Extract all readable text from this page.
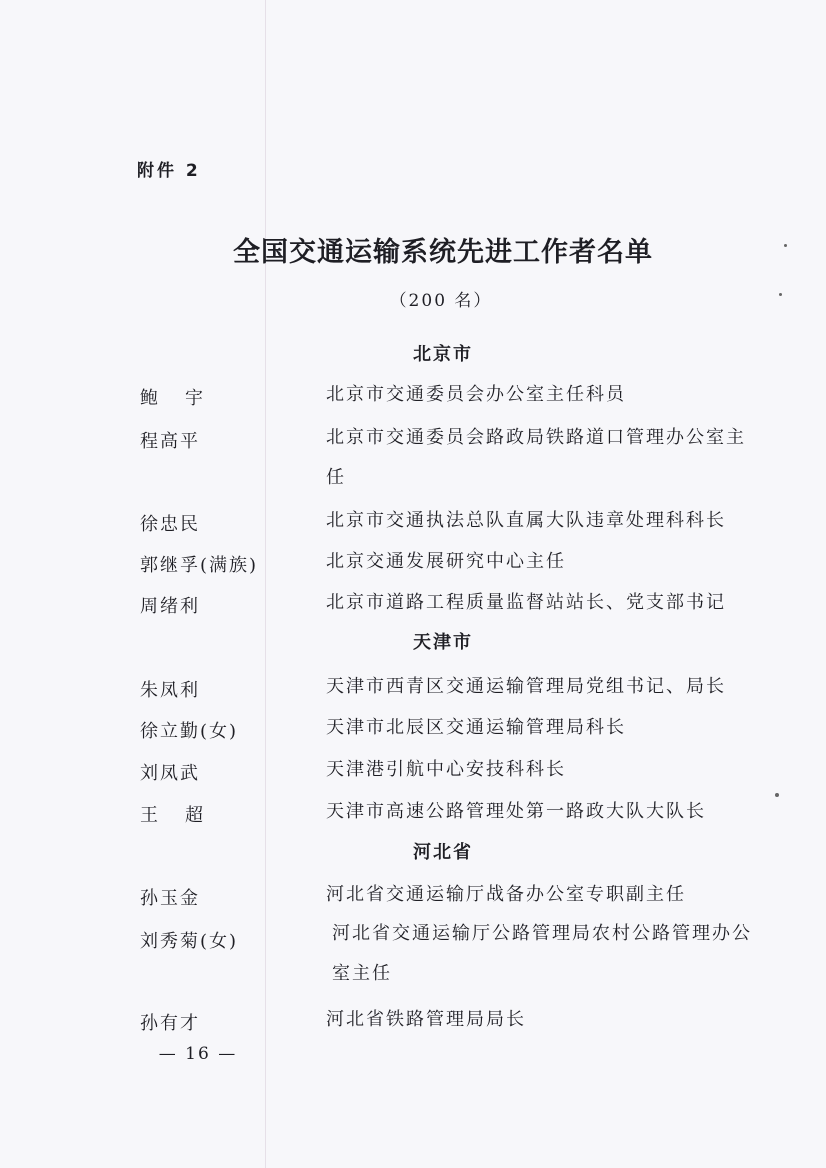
附件 2
全国交通运输系统先进工作者名单
（200 名）
北京市
鲍宇	北京市交通委员会办公室主任科员
程高平	北京市交通委员会路政局铁路道口管理办公室主任
徐忠民	北京市交通执法总队直属大队违章处理科科长
郭继孚(满族)	北京交通发展研究中心主任
周绪利	北京市道路工程质量监督站站长、党支部书记
天津市
朱凤利	天津市西青区交通运输管理局党组书记、局长
徐立勤(女)	天津市北辰区交通运输管理局科长
刘凤武	天津港引航中心安技科科长
王超	天津市高速公路管理处第一路政大队大队长
河北省
孙玉金	河北省交通运输厅战备办公室专职副主任
刘秀菊(女)	河北省交通运输厅公路管理局农村公路管理办公室主任
孙有才	河北省铁路管理局局长
— 16 —
